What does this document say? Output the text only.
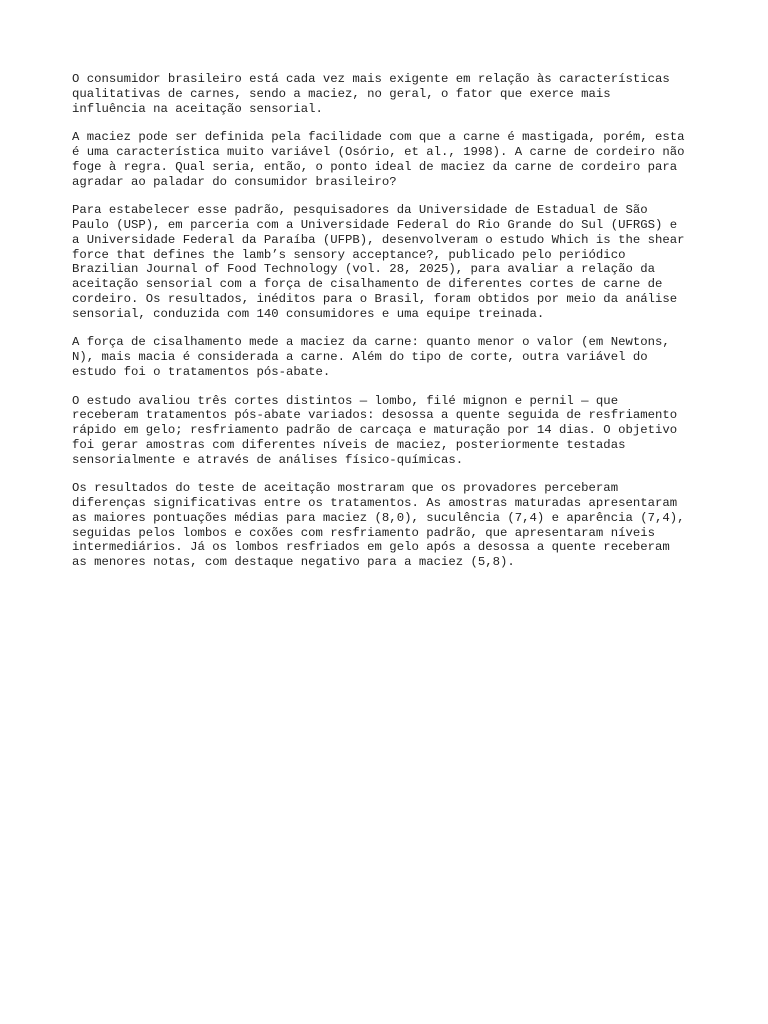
O consumidor brasileiro está cada vez mais exigente em relação às características
qualitativas de carnes, sendo a maciez, no geral, o fator que exerce mais
influência na aceitação sensorial.

A maciez pode ser definida pela facilidade com que a carne é mastigada, porém, esta
é uma característica muito variável (Osório, et al., 1998). A carne de cordeiro não
foge à regra. Qual seria, então, o ponto ideal de maciez da carne de cordeiro para
agradar ao paladar do consumidor brasileiro?

Para estabelecer esse padrão, pesquisadores da Universidade de Estadual de São
Paulo (USP), em parceria com a Universidade Federal do Rio Grande do Sul (UFRGS) e
a Universidade Federal da Paraíba (UFPB), desenvolveram o estudo Which is the shear
force that defines the lamb’s sensory acceptance?, publicado pelo periódico
Brazilian Journal of Food Technology (vol. 28, 2025), para avaliar a relação da
aceitação sensorial com a força de cisalhamento de diferentes cortes de carne de
cordeiro. Os resultados, inéditos para o Brasil, foram obtidos por meio da análise
sensorial, conduzida com 140 consumidores e uma equipe treinada.

A força de cisalhamento mede a maciez da carne: quanto menor o valor (em Newtons,
N), mais macia é considerada a carne. Além do tipo de corte, outra variável do
estudo foi o tratamentos pós-abate.

O estudo avaliou três cortes distintos — lombo, filé mignon e pernil — que
receberam tratamentos pós-abate variados: desossa a quente seguida de resfriamento
rápido em gelo; resfriamento padrão de carcaça e maturação por 14 dias. O objetivo
foi gerar amostras com diferentes níveis de maciez, posteriormente testadas
sensorialmente e através de análises físico-químicas.

Os resultados do teste de aceitação mostraram que os provadores perceberam
diferenças significativas entre os tratamentos. As amostras maturadas apresentaram
as maiores pontuações médias para maciez (8,0), suculência (7,4) e aparência (7,4),
seguidas pelos lombos e coxões com resfriamento padrão, que apresentaram níveis
intermediários. Já os lombos resfriados em gelo após a desossa a quente receberam
as menores notas, com destaque negativo para a maciez (5,8).
